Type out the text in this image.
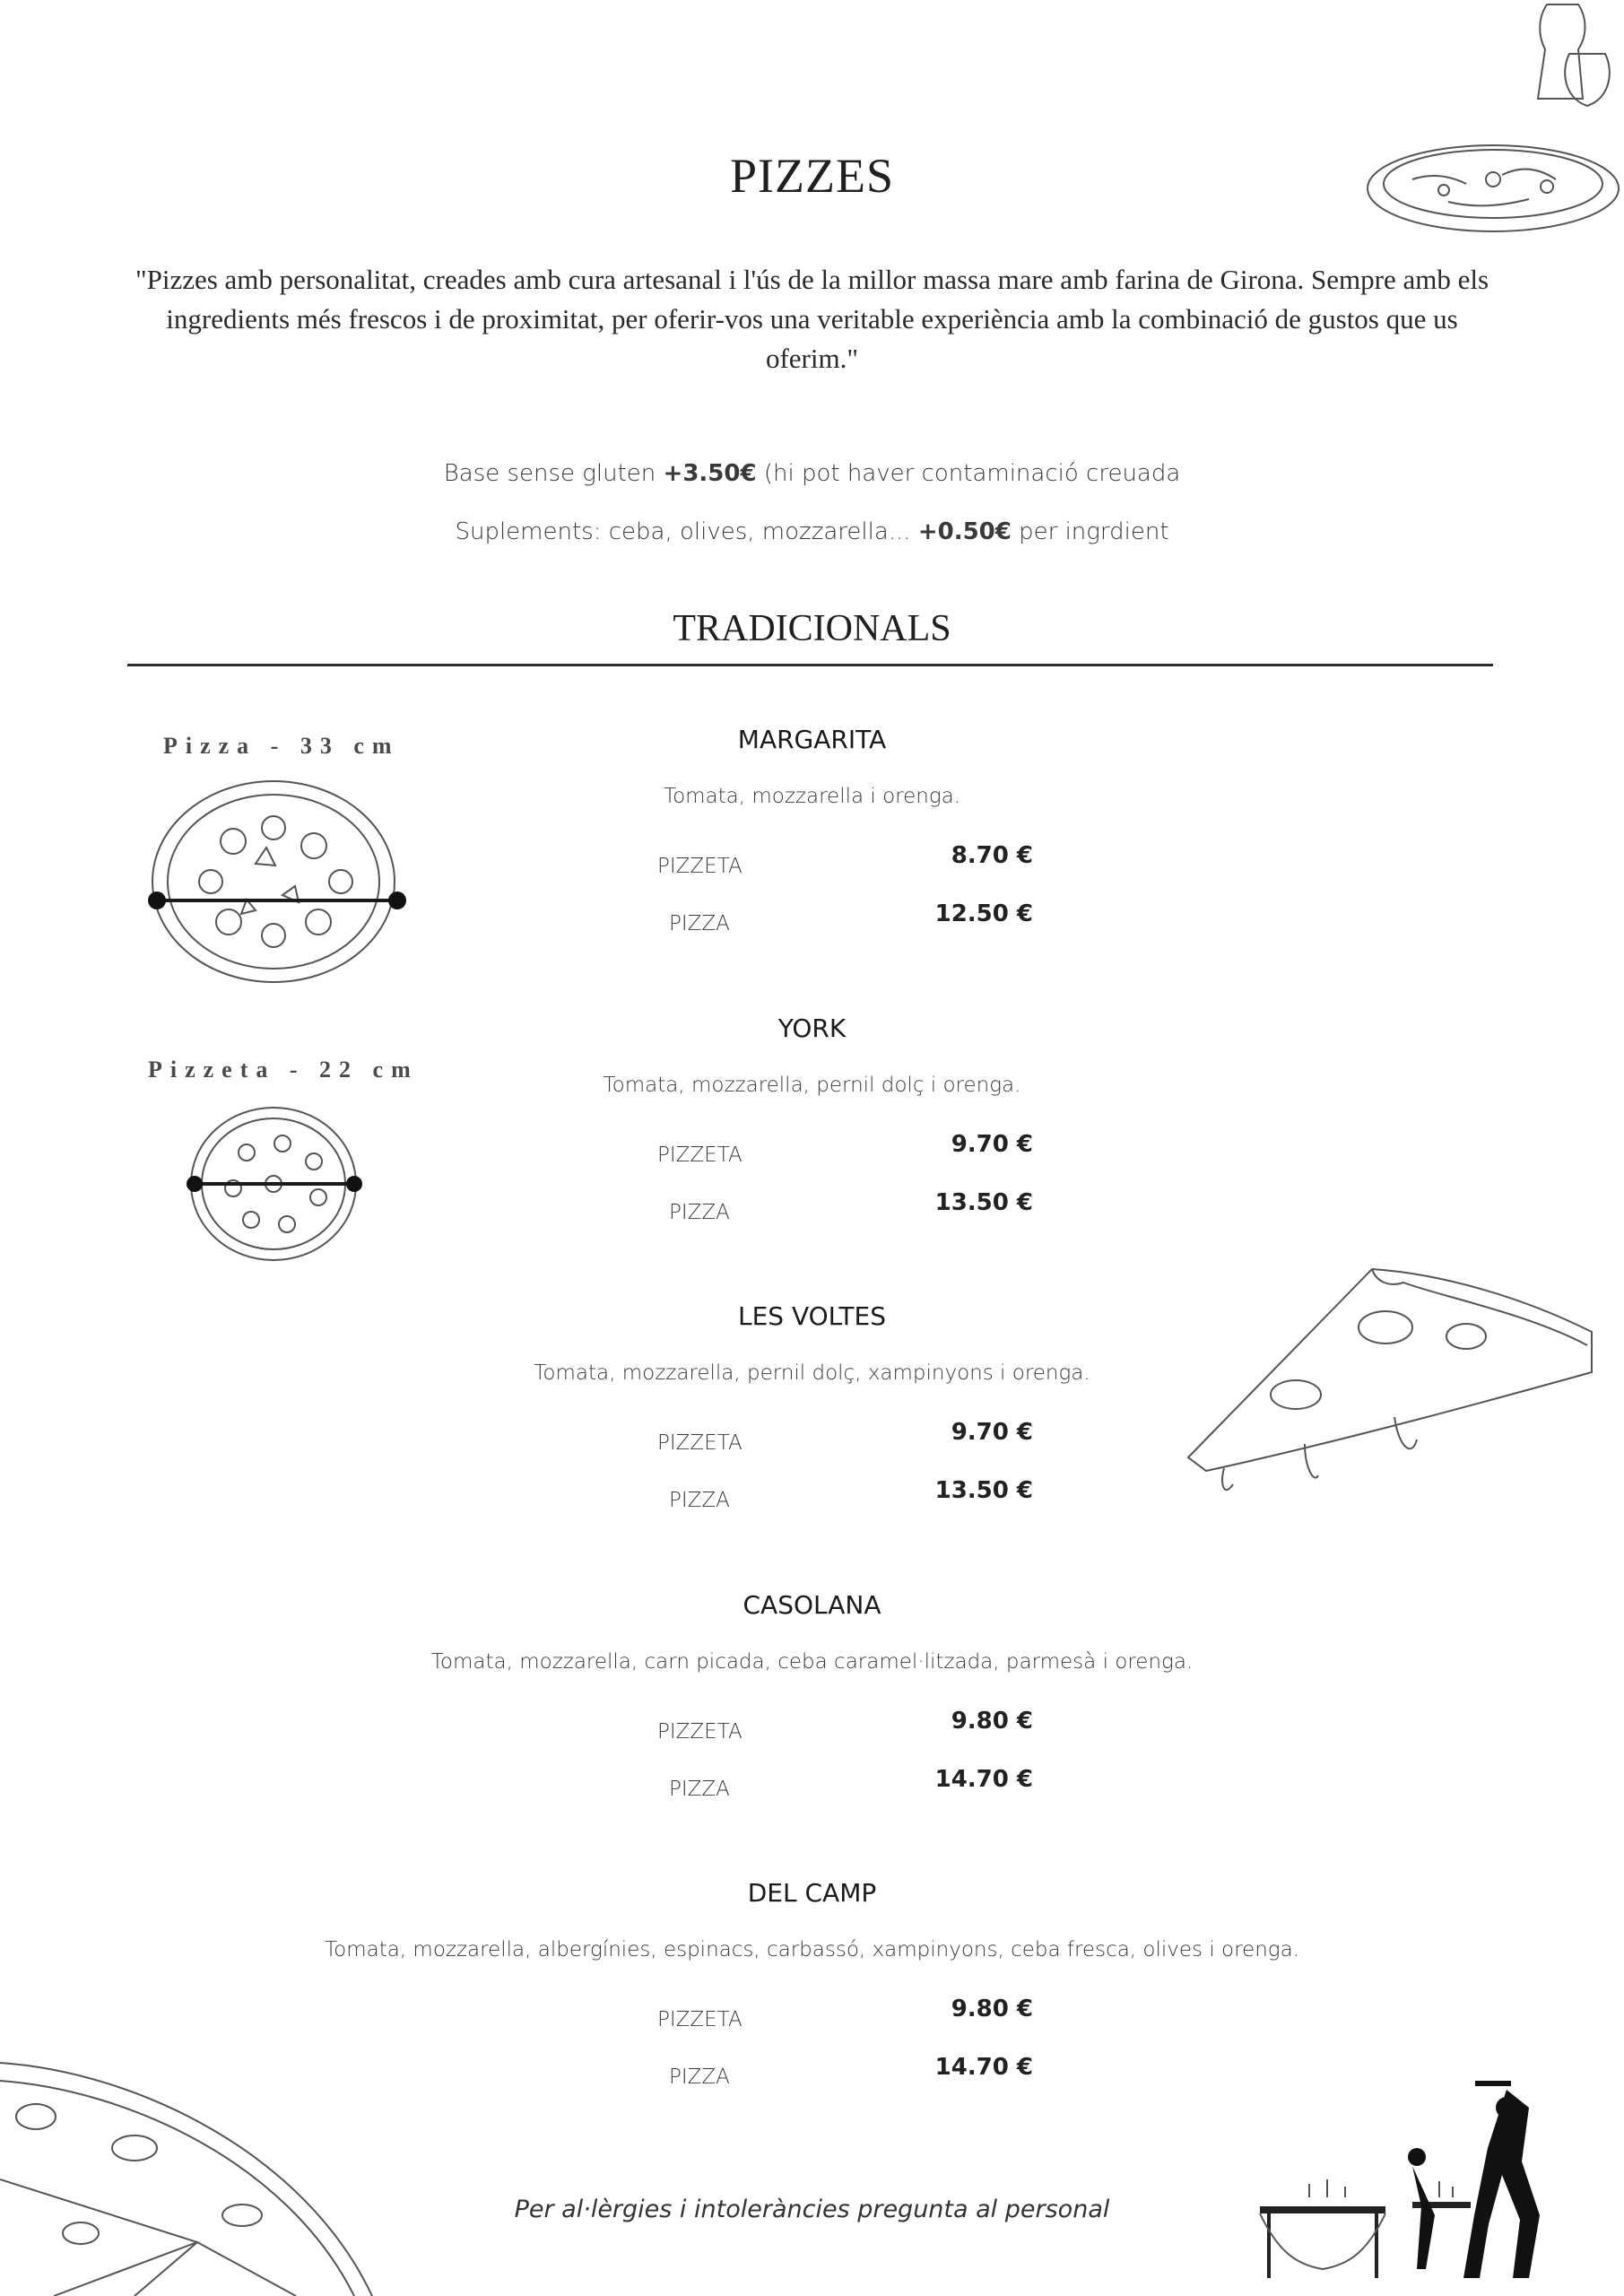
PIZZES
"Pizzes amb personalitat, creades amb cura artesanal i l'ús de la millor massa mare amb farina de Girona. Sempre amb els ingredients més frescos i de proximitat, per oferir-vos una veritable experiència amb la combinació de gustos que us oferim."
Base sense gluten +3.50€ (hi pot haver contaminació creuada
Suplements: ceba, olives, mozzarella... +0.50€ per ingrdient
TRADICIONALS
Pizza - 33 cm
Pizzeta - 22 cm
MARGARITA
Tomata, mozzarella i orenga.
PIZZETA	8.70 €
PIZZA	12.50 €
YORK
Tomata, mozzarella, pernil dolç i orenga.
PIZZETA	9.70 €
PIZZA	13.50 €
LES VOLTES
Tomata, mozzarella, pernil dolç, xampinyons i orenga.
PIZZETA	9.70 €
PIZZA	13.50 €
CASOLANA
Tomata, mozzarella, carn picada, ceba caramel·litzada, parmesà i orenga.
PIZZETA	9.80 €
PIZZA	14.70 €
DEL CAMP
Tomata, mozzarella, albergínies, espinacs, carbassó, xampinyons, ceba fresca, olives i orenga.
PIZZETA	9.80 €
PIZZA	14.70 €
Per al·lèrgies i intoleràncies pregunta al personal
